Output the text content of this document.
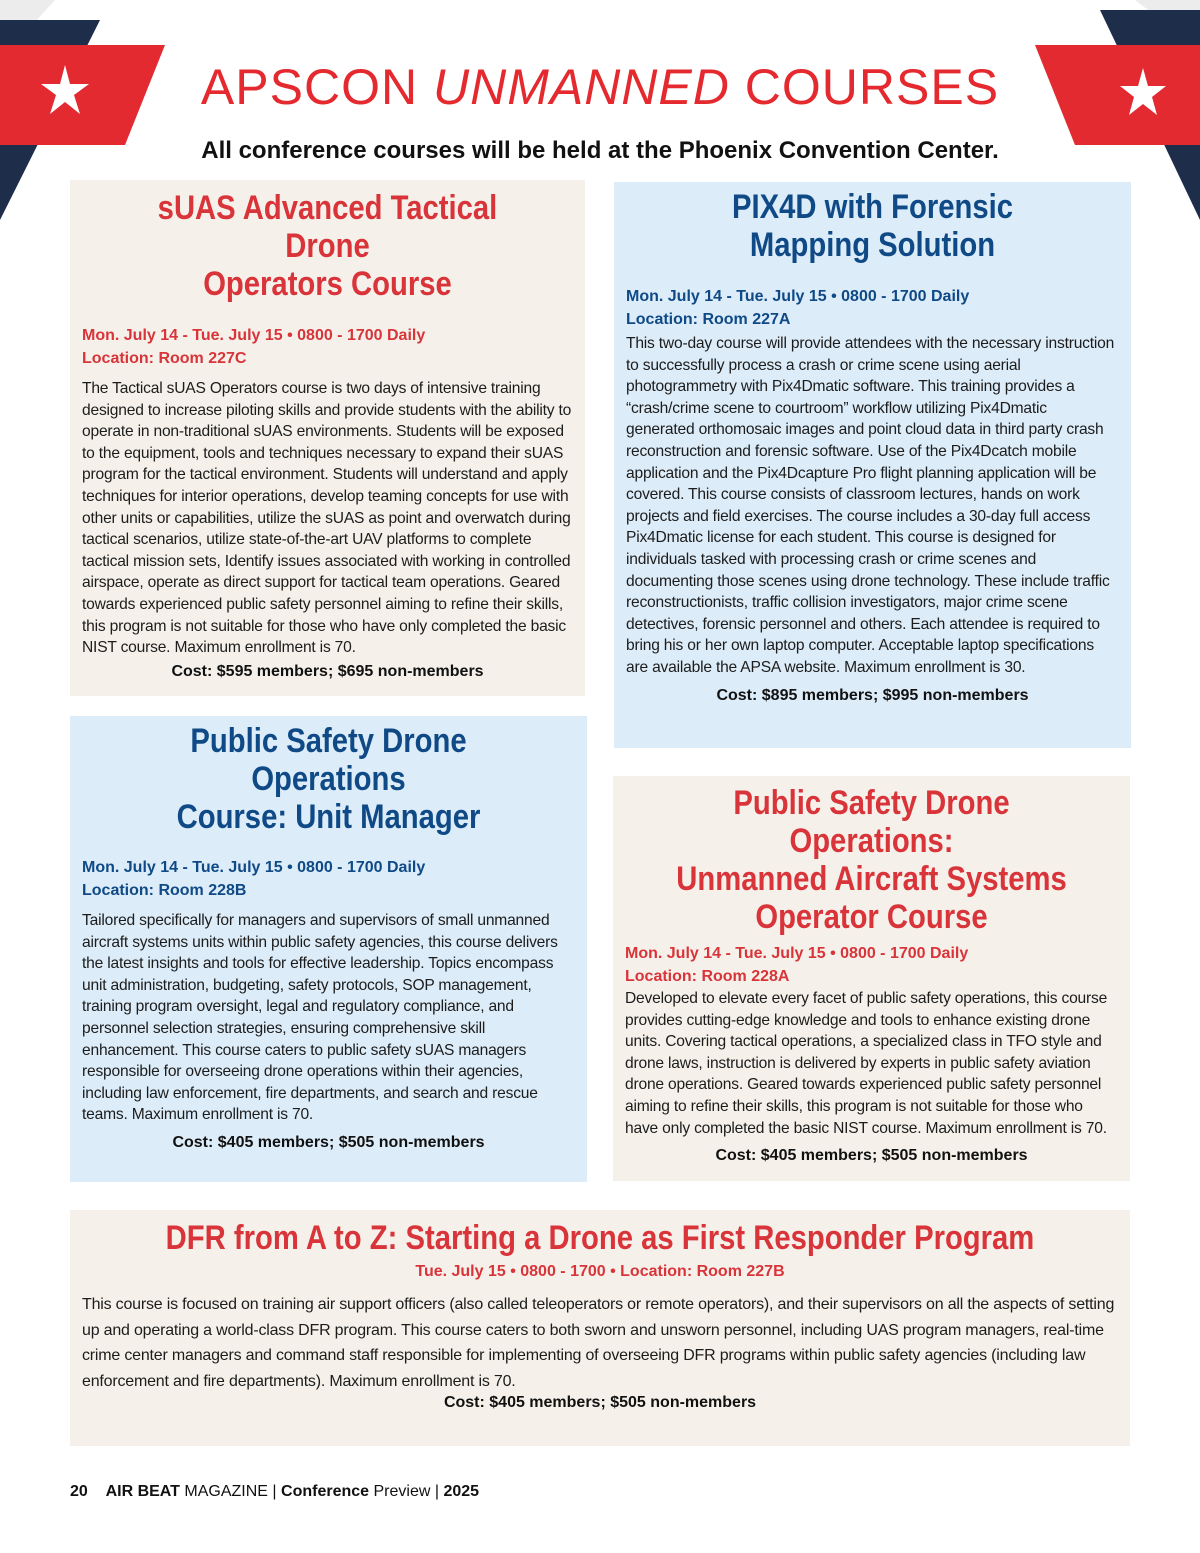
APSCON UNMANNED COURSES

All conference courses will be held at the Phoenix Convention Center.

sUAS Advanced Tactical Drone
Operators Course

Mon. July 14 - Tue. July 15 • 0800 - 1700 Daily

Location: Room 227C

The Tactical sUAS Operators course is two days of intensive training designed to increase piloting skills and provide students with the ability to operate in non-traditional sUAS environments. Students will be exposed to the equipment, tools and techniques necessary to expand their sUAS program for the tactical environment. Students will understand and apply techniques for interior operations, develop teaming concepts for use with other units or capabilities, utilize the sUAS as point and overwatch during tactical scenarios, utilize state-of-the-art UAV platforms to complete tactical mission sets, Identify issues associated with working in controlled airspace, operate as direct support for tactical team operations. Geared towards experienced public safety personnel aiming to refine their skills, this program is not suitable for those who have only completed the basic NIST course. Maximum enrollment is 70.

Cost: $595 members; $695 non-members

PIX4D with Forensic
Mapping Solution

Mon. July 14 - Tue. July 15 • 0800 - 1700 Daily

Location: Room 227A

This two-day course will provide attendees with the necessary instruction to successfully process a crash or crime scene using aerial photogrammetry with Pix4Dmatic software. This training provides a “crash/crime scene to courtroom” workflow utilizing Pix4Dmatic generated orthomosaic images and point cloud data in third party crash reconstruction and forensic software. Use of the Pix4Dcatch mobile application and the Pix4Dcapture Pro flight planning application will be covered. This course consists of classroom lectures, hands on work projects and field exercises. The course includes a 30-day full access Pix4Dmatic license for each student. This course is designed for individuals tasked with processing crash or crime scenes and documenting those scenes using drone technology. These include traffic reconstructionists, traffic collision investigators, major crime scene detectives, forensic personnel and others. Each attendee is required to bring his or her own laptop computer. Acceptable laptop specifications are available the APSA website. Maximum enrollment is 30.

Cost: $895 members; $995 non-members

Public Safety Drone Operations
Course: Unit Manager

Mon. July 14 - Tue. July 15 • 0800 - 1700 Daily

Location: Room 228B

Tailored specifically for managers and supervisors of small unmanned aircraft systems units within public safety agencies, this course delivers the latest insights and tools for effective leadership. Topics encompass unit administration, budgeting, safety protocols, SOP management, training program oversight, legal and regulatory compliance, and personnel selection strategies, ensuring comprehensive skill enhancement. This course caters to public safety sUAS managers responsible for overseeing drone operations within their agencies, including law enforcement, fire departments, and search and rescue teams. Maximum enrollment is 70.

Cost: $405 members; $505 non-members

Public Safety Drone Operations:
Unmanned Aircraft Systems
Operator Course

Mon. July 14 - Tue. July 15 • 0800 - 1700 Daily

Location: Room 228A

Developed to elevate every facet of public safety operations, this course provides cutting-edge knowledge and tools to enhance existing drone units. Covering tactical operations, a specialized class in TFO style and drone laws, instruction is delivered by experts in public safety aviation drone operations. Geared towards experienced public safety personnel aiming to refine their skills, this program is not suitable for those who have only completed the basic NIST course. Maximum enrollment is 70.

Cost: $405 members; $505 non-members

DFR from A to Z: Starting a Drone as First Responder Program

Tue. July 15 • 0800 - 1700 • Location: Room 227B

This course is focused on training air support officers (also called teleoperators or remote operators), and their supervisors on all the aspects of setting up and operating a world-class DFR program. This course caters to both sworn and unsworn personnel, including UAS program managers, real-time crime center managers and command staff responsible for implementing of overseeing DFR programs within public safety agencies (including law enforcement and fire departments). Maximum enrollment is 70.

Cost: $405 members; $505 non-members

20 AIR BEAT MAGAZINE | Conference Preview | 2025
